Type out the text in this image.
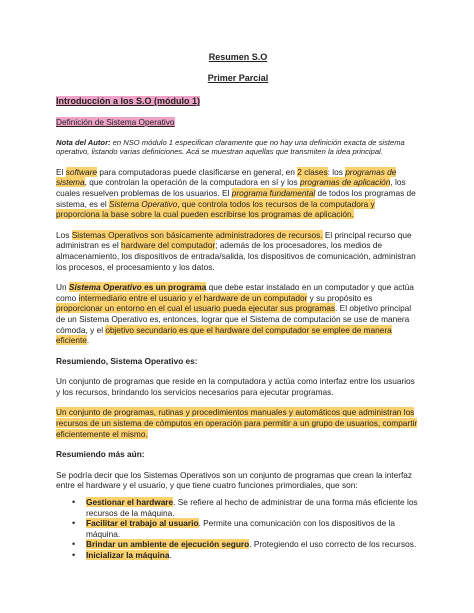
Resumen S.O

Primer Parcial

Introducción a los S.O (módulo 1)

Definición de Sistema Operativo

Nota del Autor: en NSO módulo 1 especifican claramente que no hay una definición exacta de sistema operativo, listando varias definiciones. Acá se muestran aquellas que transmiten la idea principal.

El software para computadoras puede clasificarse en general, en 2 clases: los programas de sistema, que controlan la operación de la computadora en sí y los programas de aplicación, los cuales resuelven problemas de los usuarios. El programa fundamental de todos los programas de sistema, es el Sistema Operativo, que controla todos los recursos de la computadora y proporciona la base sobre la cual pueden escribirse los programas de aplicación.

Los Sistemas Operativos son básicamente administradores de recursos. El principal recurso que administran es el hardware del computador; además de los procesadores, los medios de almacenamiento, los dispositivos de entrada/salida, los dispositivos de comunicación, administran los procesos, el procesamiento y los datos.

Un Sistema Operativo es un programa que debe estar instalado en un computador y que actúa como intermediario entre el usuario y el hardware de un computador y su propósito es proporcionar un entorno en el cual el usuario pueda ejecutar sus programas. El objetivo principal de un Sistema Operativo es, entonces, lograr que el Sistema de computación se use de manera cómoda, y el objetivo secundario es que el hardware del computador se emplee de manera eficiente.

Resumiendo, Sistema Operativo es:

Un conjunto de programas que reside en la computadora y actúa como interfaz entre los usuarios y los recursos, brindando los servicios necesarios para ejecutar programas.

Un conjunto de programas, rutinas y procedimientos manuales y automáticos que administran los recursos de un sistema de cómputos en operación para permitir a un grupo de usuarios, compartir eficientemente el mismo.

Resumiendo más aún:

Se podría decir que los Sistemas Operativos son un conjunto de programas que crean la interfaz entre el hardware y el usuario, y que tiene cuatro funciones primordiales, que son:

• Gestionar el hardware. Se refiere al hecho de administrar de una forma más eficiente los recursos de la máquina.
• Facilitar el trabajo al usuario. Permite una comunicación con los dispositivos de la máquina.
• Brindar un ambiente de ejecución seguro. Protegiendo el uso correcto de los recursos.
• Inicializar la máquina.
